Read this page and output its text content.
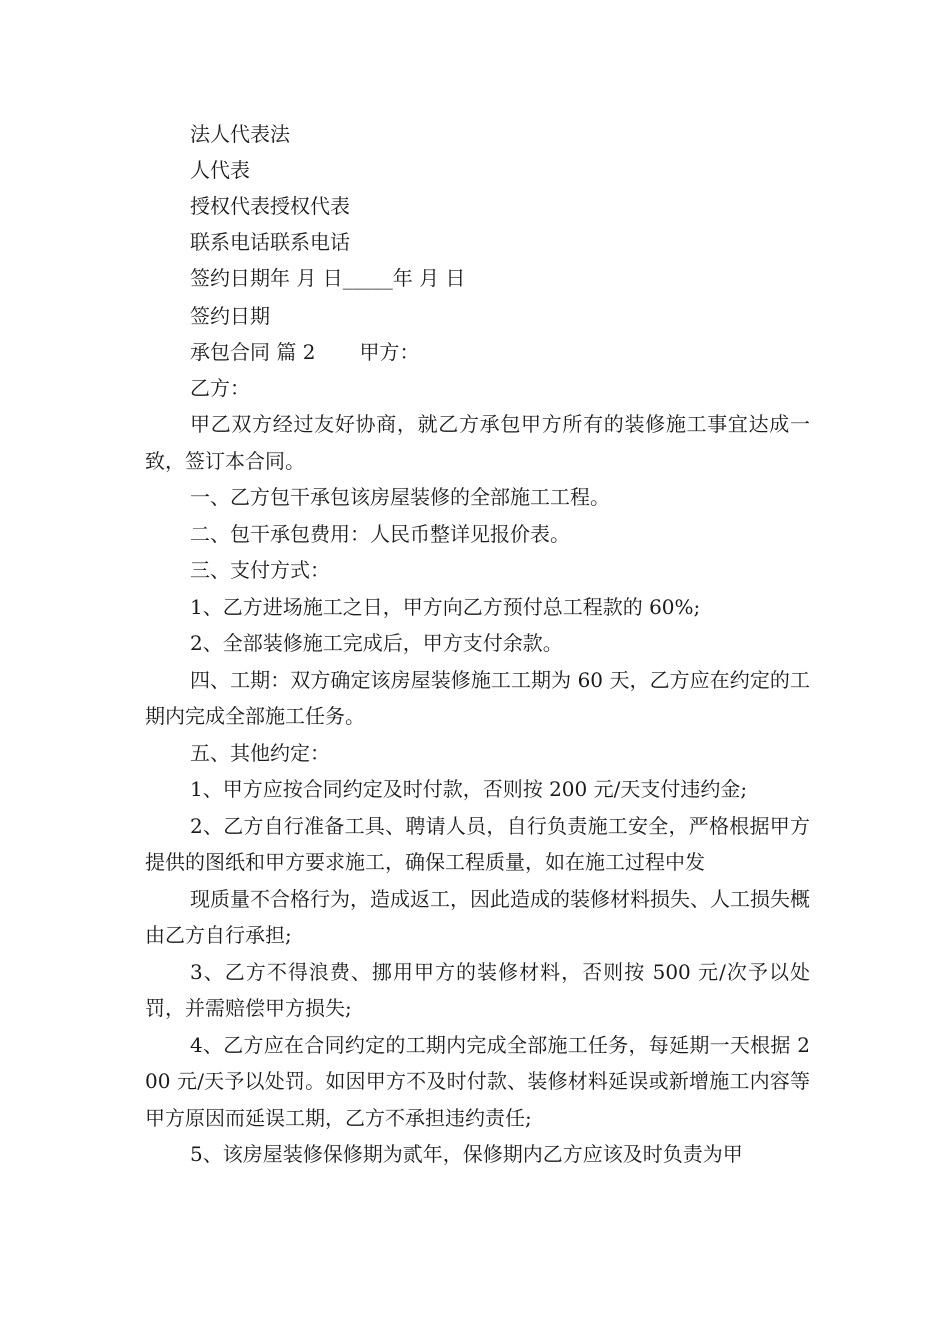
法人代表法
人代表
授权代表授权代表
联系电话联系电话
签约日期年 月 日_____年 月 日
签约日期
承包合同 篇 2 甲方：
乙方：

甲乙双方经过友好协商，就乙方承包甲方所有的装修施工事宜达成一致，签订本合同。

一、乙方包干承包该房屋装修的全部施工工程。

二、包干承包费用：人民币整详见报价表。

三、支付方式：

1、乙方进场施工之日，甲方向乙方预付总工程款的 60%;

2、全部装修施工完成后，甲方支付余款。

四、工期：双方确定该房屋装修施工工期为 60 天，乙方应在约定的工期内完成全部施工任务。

五、其他约定：

1、甲方应按合同约定及时付款，否则按 200 元/天支付违约金;

2、乙方自行准备工具、聘请人员，自行负责施工安全，严格根据甲方提供的图纸和甲方要求施工，确保工程质量，如在施工过程中发

现质量不合格行为，造成返工，因此造成的装修材料损失、人工损失概由乙方自行承担;

3、乙方不得浪费、挪用甲方的装修材料，否则按 500 元/次予以处罚，并需赔偿甲方损失;

4、乙方应在合同约定的工期内完成全部施工任务，每延期一天根据 200 元/天予以处罚。如因甲方不及时付款、装修材料延误或新增施工内容等甲方原因而延误工期，乙方不承担违约责任;

5、该房屋装修保修期为贰年，保修期内乙方应该及时负责为甲
